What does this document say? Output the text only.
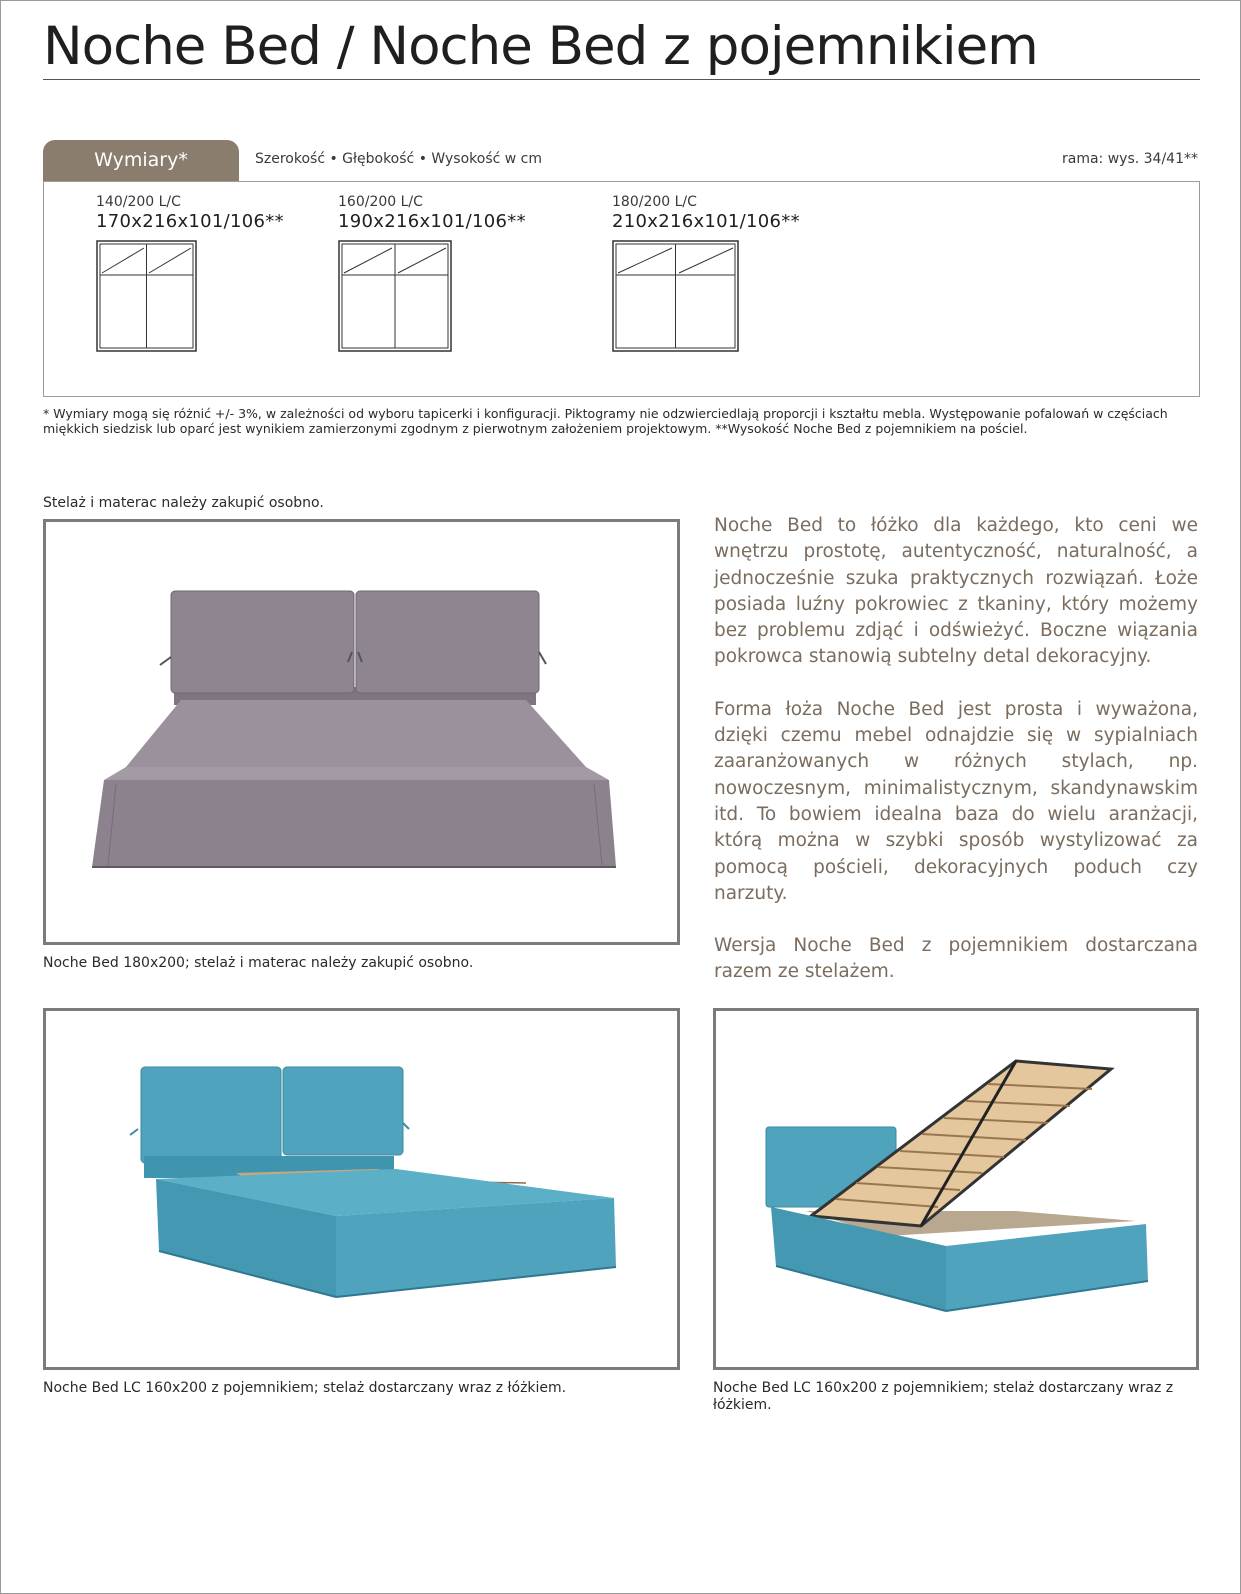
Noche Bed / Noche Bed z pojemnikiem
Wymiary*	Szerokość • Głębokość • Wysokość w cm	rama: wys. 34/41**
140/200 L/C
170x216x101/106**
160/200 L/C
190x216x101/106**
180/200 L/C
210x216x101/106**

* Wymiary mogą się różnić +/- 3%, w zależności od wyboru tapicerki i konfiguracji. Piktogramy nie odzwierciedlają proporcji i kształtu mebla. Występowanie pofalowań w częściach miękkich siedzisk lub oparć jest wynikiem zamierzonymi zgodnym z pierwotnym założeniem projektowym. **Wysokość Noche Bed z pojemnikiem na pościel.

Stelaż i materac należy zakupić osobno.

Noche Bed 180x200; stelaż i materac należy zakupić osobno.

Noche Bed to łóżko dla każdego, kto ceni we wnętrzu prostotę, autentyczność, naturalność, a jednocześnie szuka praktycznych rozwiązań. Łoże posiada luźny pokrowiec z tkaniny, który możemy bez problemu zdjąć i odświeżyć. Boczne wiązania pokrowca stanowią subtelny detal dekoracyjny.

Forma łoża Noche Bed jest prosta i wyważona, dzięki czemu mebel odnajdzie się w sypialniach zaaranżowanych w różnych stylach, np. nowoczesnym, minimalistycznym, skandynawskim itd. To bowiem idealna baza do wielu aranżacji, którą można w szybki sposób wystylizować za pomocą pościeli, dekoracyjnych poduch czy narzuty.

Wersja Noche Bed z pojemnikiem dostarczana razem ze stelażem.

Noche Bed LC 160x200 z pojemnikiem; stelaż dostarczany wraz z łóżkiem.	Noche Bed LC 160x200 z pojemnikiem; stelaż dostarczany wraz z łóżkiem.
